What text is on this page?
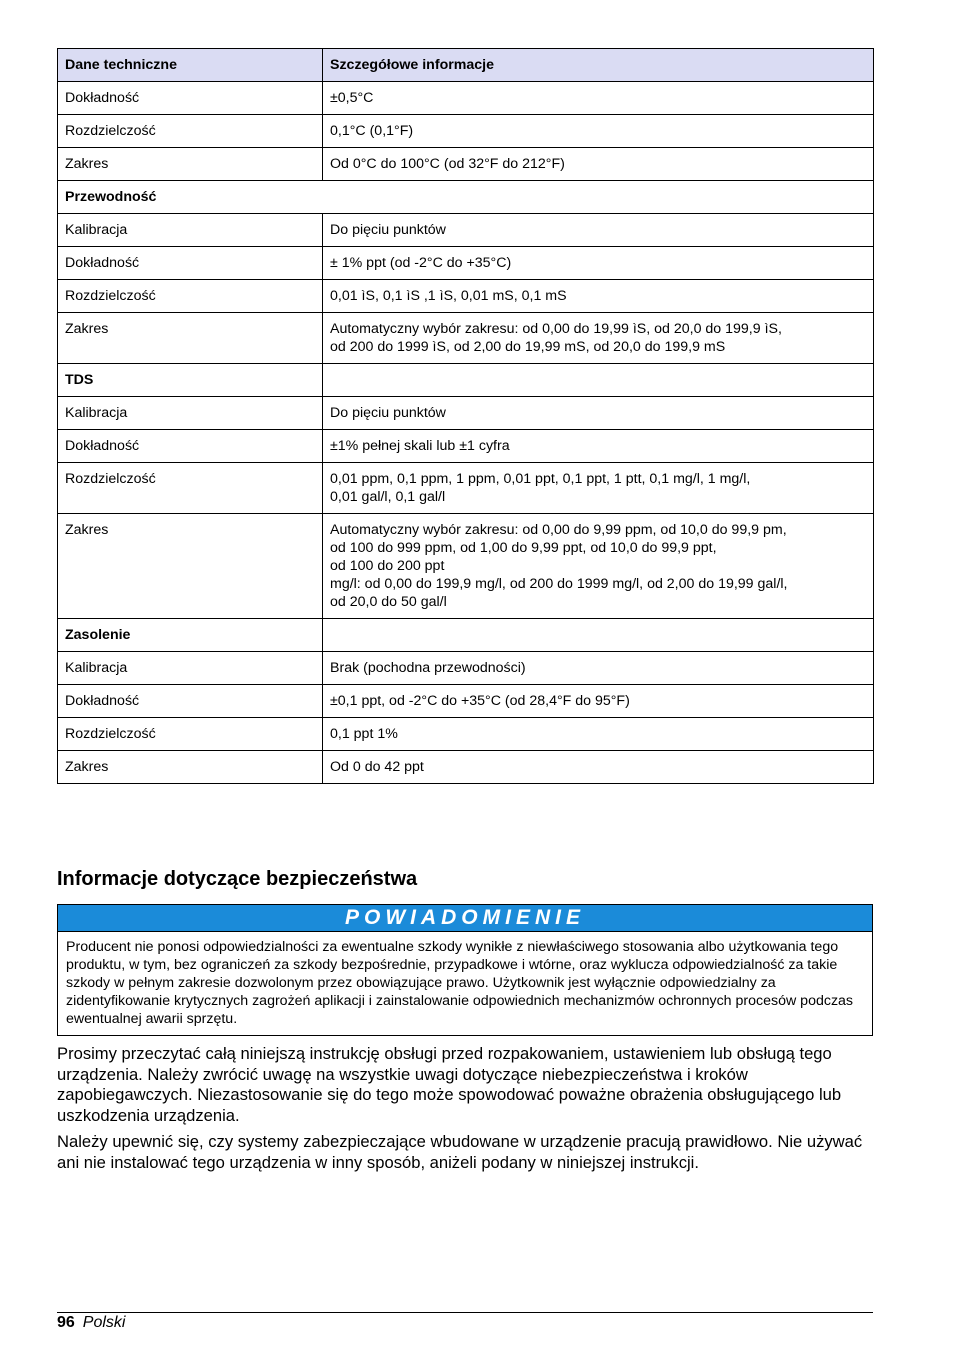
Dane techniczne	Szczegółowe informacje
Dokładność	±0,5°C
Rozdzielczość	0,1°C (0,1°F)
Zakres	Od 0°C do 100°C (od 32°F do 212°F)
Przewodność	
Kalibracja	Do pięciu punktów
Dokładność	± 1% ppt (od -2°C do +35°C)
Rozdzielczość	0,01 ìS, 0,1 ìS ,1 ìS, 0,01 mS, 0,1 mS
Zakres	Automatyczny wybór zakresu: od 0,00 do 19,99 ìS, od 20,0 do 199,9 ìS,
od 200 do 1999 ìS, od 2,00 do 19,99 mS, od 20,0 do 199,9 mS
TDS	
Kalibracja	Do pięciu punktów
Dokładność	±1% pełnej skali lub ±1 cyfra
Rozdzielczość	0,01 ppm, 0,1 ppm, 1 ppm, 0,01 ppt, 0,1 ppt, 1 ptt, 0,1 mg/l, 1 mg/l,
0,01 gal/l, 0,1 gal/l
Zakres	Automatyczny wybór zakresu: od 0,00 do 9,99 ppm, od 10,0 do 99,9 pm,
od 100 do 999 ppm, od 1,00 do 9,99 ppt, od 10,0 do 99,9 ppt,
od 100 do 200 ppt
mg/l: od 0,00 do 199,9 mg/l, od 200 do 1999 mg/l, od 2,00 do 19,99 gal/l,
od 20,0 do 50 gal/l
Zasolenie	
Kalibracja	Brak (pochodna przewodności)
Dokładność	±0,1 ppt, od -2°C do +35°C (od 28,4°F do 95°F)
Rozdzielczość	0,1 ppt 1%
Zakres	Od 0 do 42 ppt
Informacje dotyczące bezpieczeństwa
POWIADOMIENIE
Producent nie ponosi odpowiedzialności za ewentualne szkody wynikłe z niewłaściwego stosowania albo użytkowania tego produktu, w tym, bez ograniczeń za szkody bezpośrednie, przypadkowe i wtórne, oraz wyklucza odpowiedzialność za takie szkody w pełnym zakresie dozwolonym przez obowiązujące prawo. Użytkownik jest wyłącznie odpowiedzialny za zidentyfikowanie krytycznych zagrożeń aplikacji i zainstalowanie odpowiednich mechanizmów ochronnych procesów podczas ewentualnej awarii sprzętu.

Prosimy przeczytać całą niniejszą instrukcję obsługi przed rozpakowaniem, ustawieniem lub obsługą tego urządzenia. Należy zwrócić uwagę na wszystkie uwagi dotyczące niebezpieczeństwa i kroków zapobiegawczych. Niezastosowanie się do tego może spowodować poważne obrażenia obsługującego lub uszkodzenia urządzenia.

Należy upewnić się, czy systemy zabezpieczające wbudowane w urządzenie pracują prawidłowo. Nie używać ani nie instalować tego urządzenia w inny sposób, aniżeli podany w niniejszej instrukcji.

96 Polski
